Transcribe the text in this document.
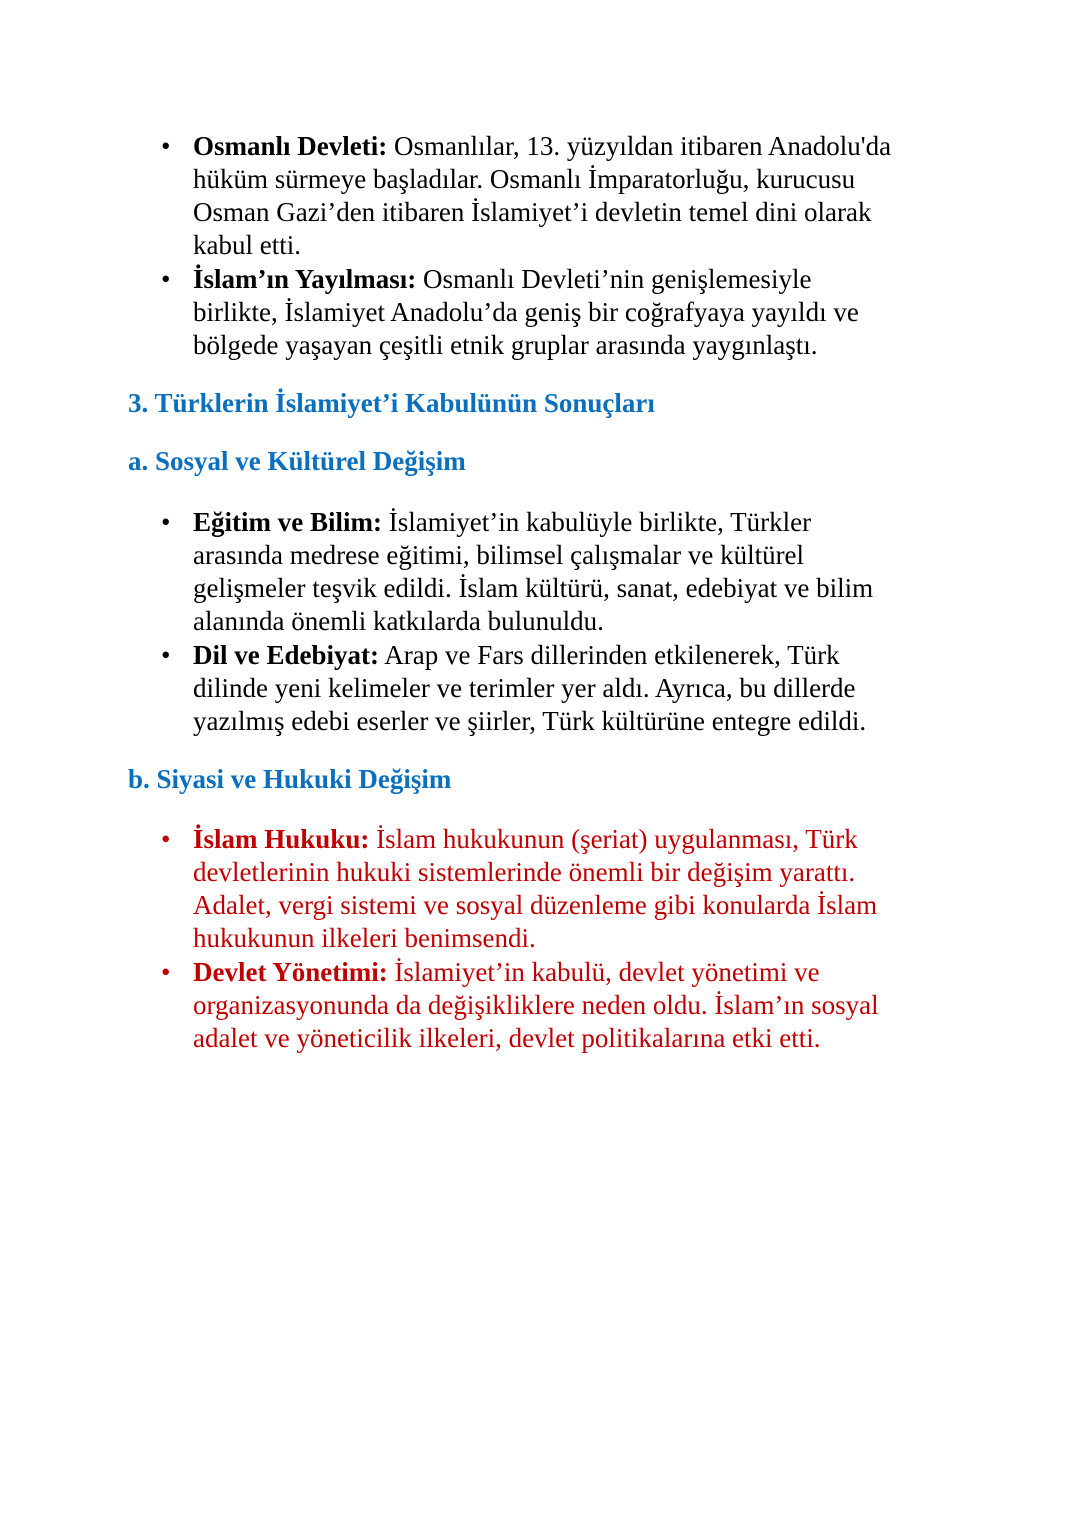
• Osmanlı Devleti: Osmanlılar, 13. yüzyıldan itibaren Anadolu'da
hüküm sürmeye başladılar. Osmanlı İmparatorluğu, kurucusu
Osman Gazi’den itibaren İslamiyet’i devletin temel dini olarak
kabul etti.
• İslam’ın Yayılması: Osmanlı Devleti’nin genişlemesiyle
birlikte, İslamiyet Anadolu’da geniş bir coğrafyaya yayıldı ve
bölgede yaşayan çeşitli etnik gruplar arasında yaygınlaştı.
3. Türklerin İslamiyet’i Kabulünün Sonuçları
a. Sosyal ve Kültürel Değişim
• Eğitim ve Bilim: İslamiyet’in kabulüyle birlikte, Türkler
arasında medrese eğitimi, bilimsel çalışmalar ve kültürel
gelişmeler teşvik edildi. İslam kültürü, sanat, edebiyat ve bilim
alanında önemli katkılarda bulunuldu.
• Dil ve Edebiyat: Arap ve Fars dillerinden etkilenerek, Türk
dilinde yeni kelimeler ve terimler yer aldı. Ayrıca, bu dillerde
yazılmış edebi eserler ve şiirler, Türk kültürüne entegre edildi.
b. Siyasi ve Hukuki Değişim
• İslam Hukuku: İslam hukukunun (şeriat) uygulanması, Türk
devletlerinin hukuki sistemlerinde önemli bir değişim yarattı.
Adalet, vergi sistemi ve sosyal düzenleme gibi konularda İslam
hukukunun ilkeleri benimsendi.
• Devlet Yönetimi: İslamiyet’in kabulü, devlet yönetimi ve
organizasyonunda da değişikliklere neden oldu. İslam’ın sosyal
adalet ve yöneticilik ilkeleri, devlet politikalarına etki etti.
